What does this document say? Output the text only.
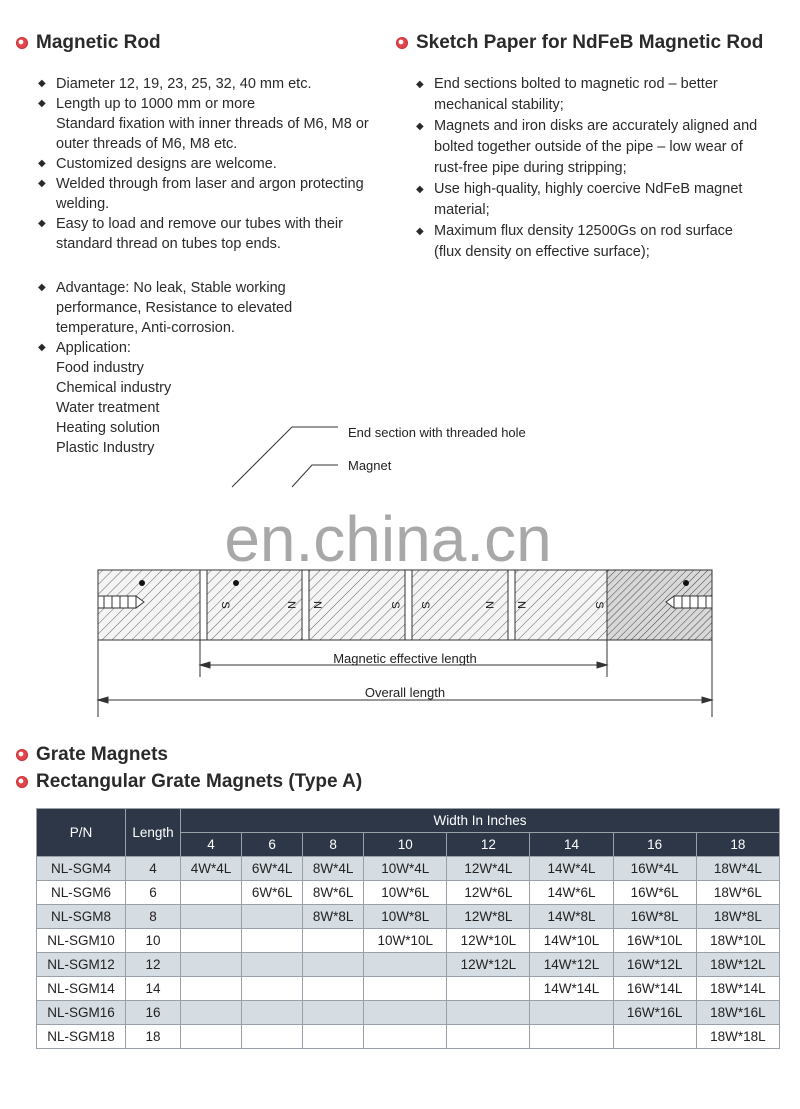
Magnetic Rod	Sketch Paper for NdFeB Magnetic Rod
◆ Diameter 12, 19, 23, 25, 32, 40 mm etc.
◆ Length up to 1000 mm or more
Standard fixation with inner threads of M6, M8 or
outer threads of M6, M8 etc.
◆ Customized designs are welcome.
◆ Welded through from laser and argon protecting
welding.
◆ Easy to load and remove our tubes with their
standard thread on tubes top ends.
◆ Advantage: No leak, Stable working
performance, Resistance to elevated
temperature, Anti-corrosion.
◆ Application:
Food industry
Chemical industry
Water treatment
Heating solution
Plastic Industry
◆ End sections bolted to magnetic rod – better
mechanical stability;
◆ Magnets and iron disks are accurately aligned and
bolted together outside of the pipe – low wear of
rust-free pipe during stripping;
◆ Use high-quality, highly coercive NdFeB magnet
material;
◆ Maximum flux density 12500Gs on rod surface
(flux density on effective surface);
End section with threaded hole
Magnet
S	N N	S S	N N	S
Magnetic effective length
Overall length
en.china.cn
Grate Magnets
Rectangular Grate Magnets (Type A)
P/N	Length	Width In Inches							
		4	6	8	10	12	14	16	18
NL-SGM4	4	4W*4L	6W*4L	8W*4L	10W*4L	12W*4L	14W*4L	16W*4L	18W*4L
NL-SGM6	6		6W*6L	8W*6L	10W*6L	12W*6L	14W*6L	16W*6L	18W*6L
NL-SGM8	8			8W*8L	10W*8L	12W*8L	14W*8L	16W*8L	18W*8L
NL-SGM10	10				10W*10L	12W*10L	14W*10L	16W*10L	18W*10L
NL-SGM12	12					12W*12L	14W*12L	16W*12L	18W*12L
NL-SGM14	14						14W*14L	16W*14L	18W*14L
NL-SGM16	16							16W*16L	18W*16L
NL-SGM18	18								18W*18L
